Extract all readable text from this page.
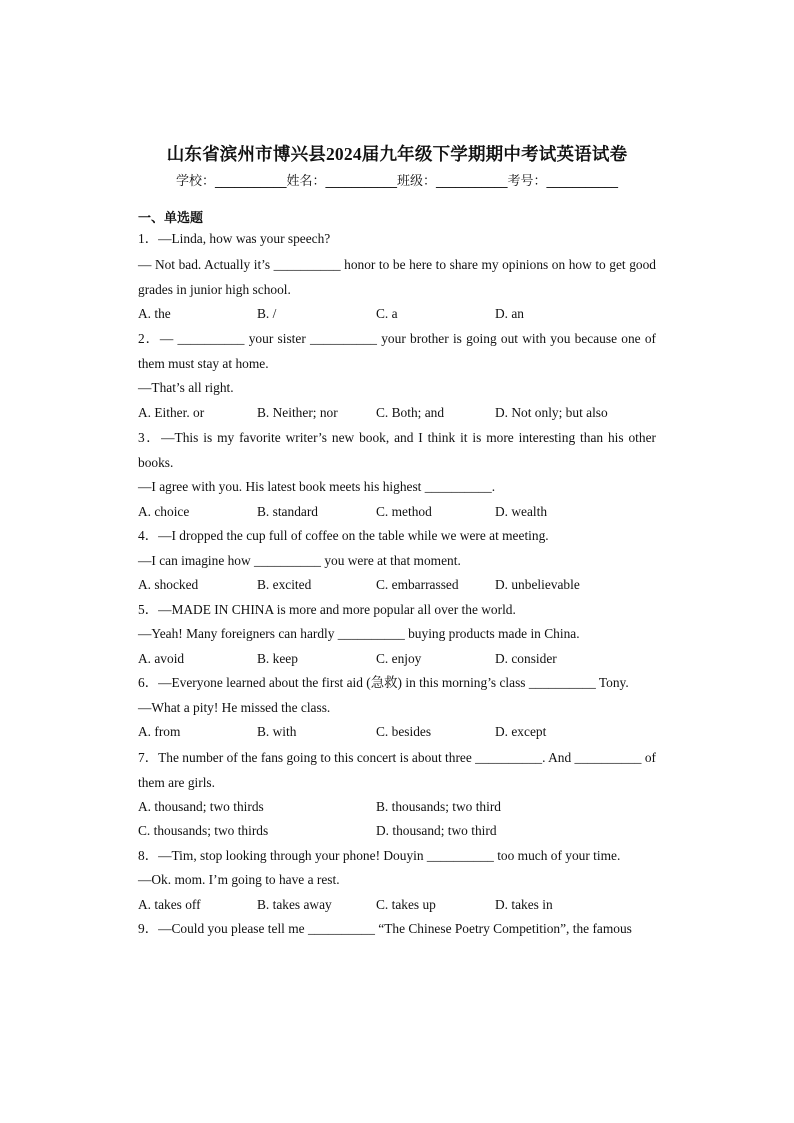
山东省滨州市博兴县2024届九年级下学期期中考试英语试卷
学校：___________姓名：___________班级：___________考号：___________
一、单选题
1．—Linda, how was your speech?
— Not bad. Actually it’s __________ honor to be here to share my opinions on how to get good grades in junior high school.
A. the	B. /	C. a	D. an
2．— __________ your sister __________ your brother is going out with you because one of them must stay at home.
—That’s all right.
A. Either. or	B. Neither; nor	C. Both; and	D. Not only; but also
3．—This is my favorite writer’s new book, and I think it is more interesting than his other books.
—I agree with you. His latest book meets his highest __________.
A. choice	B. standard	C. method	D. wealth
4．—I dropped the cup full of coffee on the table while we were at meeting.
—I can imagine how __________ you were at that moment.
A. shocked	B. excited	C. embarrassed	D. unbelievable
5．—MADE IN CHINA is more and more popular all over the world.
—Yeah! Many foreigners can hardly __________ buying products made in China.
A. avoid	B. keep	C. enjoy	D. consider
6．—Everyone learned about the first aid (急救) in this morning’s class __________ Tony.
—What a pity! He missed the class.
A. from	B. with	C. besides	D. except
7．The number of the fans going to this concert is about three __________. And __________ of them are girls.
A. thousand; two thirds	B. thousands; two third
C. thousands; two thirds	D. thousand; two third
8．—Tim, stop looking through your phone! Douyin __________ too much of your time.
—Ok. mom. I’m going to have a rest.
A. takes off	B. takes away	C. takes up	D. takes in
9．—Could you please tell me __________ “The Chinese Poetry Competition”, the famous
